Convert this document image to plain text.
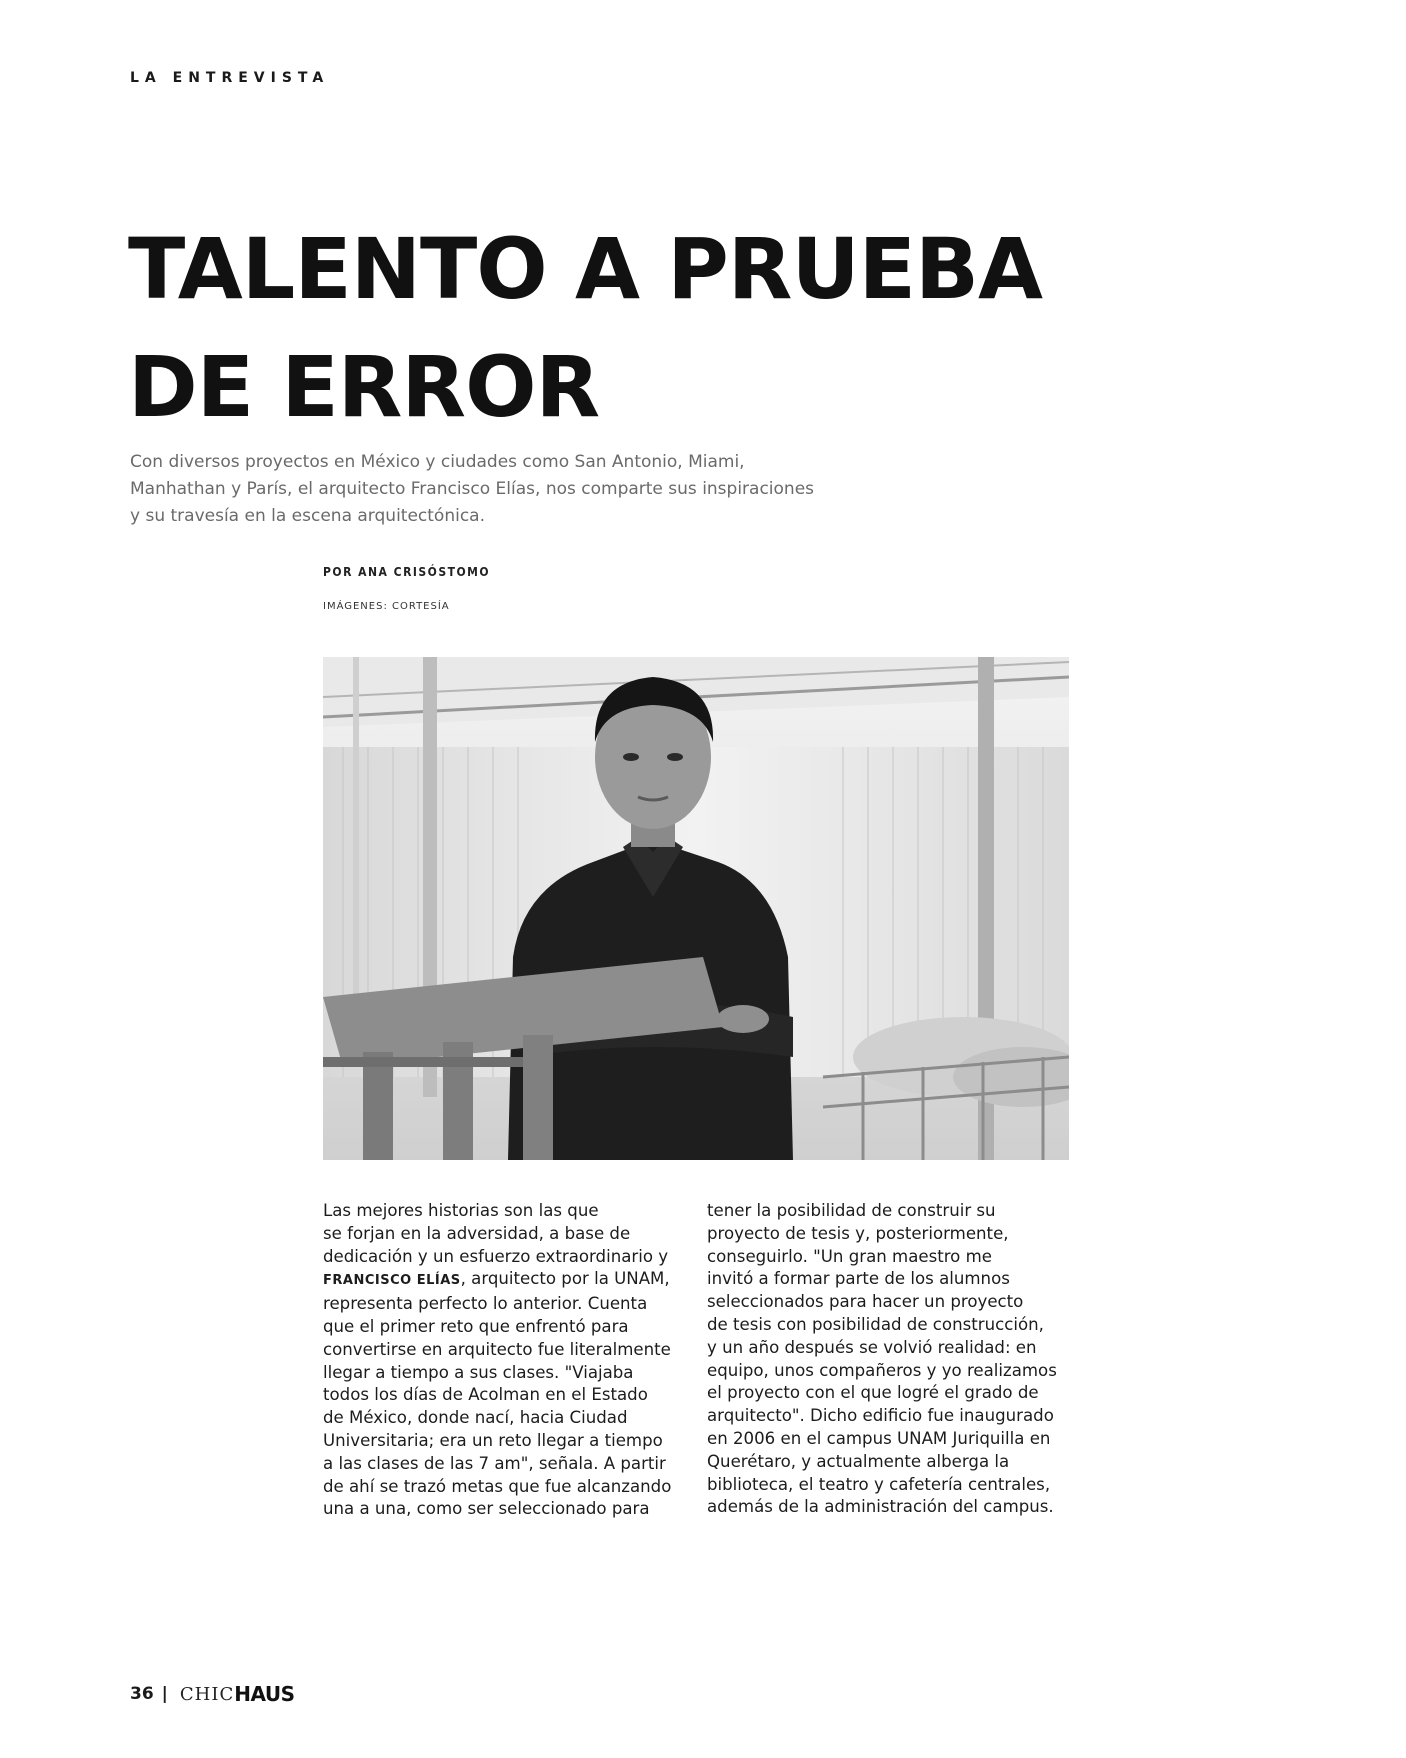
LA ENTREVISTA
TALENTO A PRUEBA
DE ERROR

Con diversos proyectos en México y ciudades como San Antonio, Miami,
Manhathan y París, el arquitecto Francisco Elías, nos comparte sus inspiraciones
y su travesía en la escena arquitectónica.

POR ANA CRISÓSTOMO
IMÁGENES: CORTESÍA
Las mejores historias son las que
se forjan en la adversidad, a base de
dedicación y un esfuerzo extraordinario y
FRANCISCO ELÍAS, arquitecto por la UNAM,
representa perfecto lo anterior. Cuenta
que el primer reto que enfrentó para
convertirse en arquitecto fue literalmente
llegar a tiempo a sus clases. "Viajaba
todos los días de Acolman en el Estado
de México, donde nací, hacia Ciudad
Universitaria; era un reto llegar a tiempo
a las clases de las 7 am", señala. A partir
de ahí se trazó metas que fue alcanzando
una a una, como ser seleccionado para
tener la posibilidad de construir su
proyecto de tesis y, posteriormente,
conseguirlo. "Un gran maestro me
invitó a formar parte de los alumnos
seleccionados para hacer un proyecto
de tesis con posibilidad de construcción,
y un año después se volvió realidad: en
equipo, unos compañeros y yo realizamos
el proyecto con el que logré el grado de
arquitecto". Dicho edificio fue inaugurado
en 2006 en el campus UNAM Juriquilla en
Querétaro, y actualmente alberga la
biblioteca, el teatro y cafetería centrales,
además de la administración del campus.
36 | CHIC HAUS
